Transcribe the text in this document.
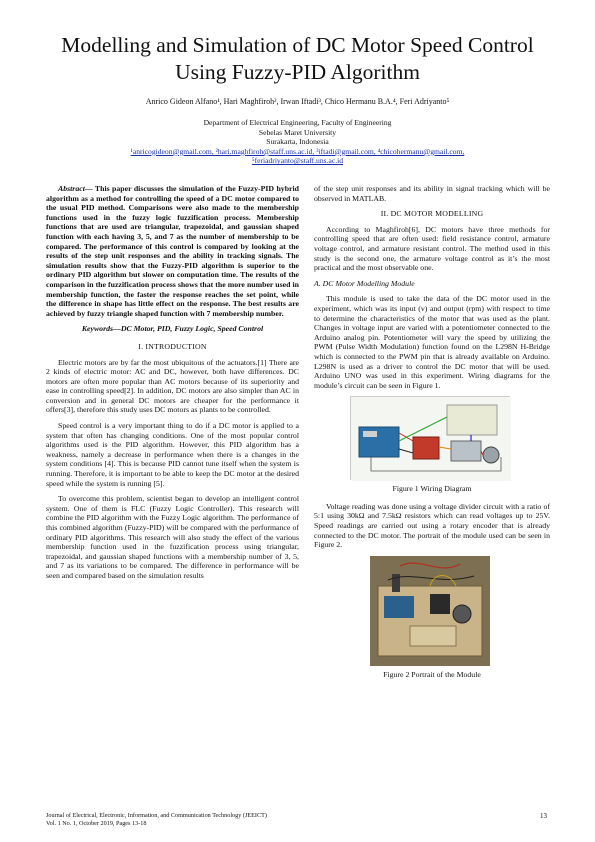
Modelling and Simulation of DC Motor Speed Control Using Fuzzy-PID Algorithm
Anrico Gideon Alfano¹, Hari Maghfiroh², Irwan Iftadi³, Chico Hermanu B.A.⁴, Feri Adriyanto⁵
Department of Electrical Engineering, Faculty of Engineering
Sebelas Maret University
Surakarta, Indonesia
¹anricogideon@gmail.com, ²hari.maghfiroh@staff.uns.ac.id, ³iftadi@gmail.com, ⁴chicohermanu@gmail.com,
⁵feriadriyanto@staff.uns.ac.id

Abstract— This paper discusses the simulation of the Fuzzy-PID hybrid algorithm as a method for controlling the speed of a DC motor compared to the usual PID method. Comparisons were also made to the membership functions used in the fuzzy logic fuzzification process. Membership functions that are used are triangular, trapezoidal, and gaussian shaped function with each having 3, 5, and 7 as the number of membership to be compared. The performance of this control is compared by looking at the results of the step unit responses and the ability in tracking signals. The simulation results show that the Fuzzy-PID algorithm is superior to the ordinary PID algorithm but slower on computation time. The results of the comparison in the fuzzification process shows that the more number used in membership function, the faster the response reaches the set point, while the difference in shape has little effect on the response. The best results are achieved by fuzzy triangle shaped function with 7 membership number.

Keywords—DC Motor, PID, Fuzzy Logic, Speed Control
I. INTRODUCTION

Electric motors are by far the most ubiquitous of the actuators.[1] There are 2 kinds of electric motor: AC and DC, however, both have differences. DC motors are often more popular than AC motors because of its superiority and ease in controlling speed[2]. In addition, DC motors are also simpler than AC in conversion and in general DC motors are cheaper for the performance it offers[3], therefore this study uses DC motors as plants to be controlled.

Speed control is a very important thing to do if a DC motor is applied to a system that often has changing conditions. One of the most popular control algorithms used is the PID algorithm. However, this PID algorithm has a weakness, namely a decrease in performance when there is a changes in the system conditions [4]. This is because PID cannot tune itself when the system is running. Therefore, it is important to be able to keep the DC motor at the desired speed while the system is running [5].

To overcome this problem, scientist began to develop an intelligent control system. One of them is FLC (Fuzzy Logic Controller). This research will combine the PID algorithm with the Fuzzy Logic algorithm. The performance of this combined algorithm (Fuzzy-PID) will be compared with the performance of ordinary PID algorithms. This research will also study the effect of the various membership function used in the fuzzification process using triangular, trapezoidal, and gaussian shaped functions with a membership number of 3, 5, and 7 as its variations to be compared. The difference in performance will be seen and compared based on the simulation results

of the step unit responses and its ability in signal tracking which will be observed in MATLAB.

II. DC MOTOR MODELLING

According to Maghfiroh[6], DC motors have three methods for controlling speed that are often used: field resistance control, armature voltage control, and armature resistant control. The method used in this study is the second one, the armature voltage control as it’s the most practical and the most observable one.

A. DC Motor Modelling Module

This module is used to take the data of the DC motor used in the experiment, which was its input (v) and output (rpm) with respect to time to determine the characteristics of the motor that was used as the plant. Changes in voltage input are varied with a potentiometer connected to the Arduino analog pin. Potentiometer will vary the speed by utilizing the PWM (Pulse Width Modulation) function found on the L298N H-Bridge which is connected to the PWM pin that is already available on Arduino. L298N is used as a driver to control the DC motor that will be used. Arduino UNO was used in this experiment. Wiring diagrams for the module’s circuit can be seen in Figure 1.

Figure 1 Wiring Diagram

Voltage reading was done using a voltage divider circuit with a ratio of 5:1 using 30kΩ and 7.5kΩ resistors which can read voltages up to 25V. Speed readings are carried out using a rotary encoder that is already connected to the DC motor. The portrait of the module used can be seen in Figure 2.

Figure 2 Portrait of the Module
Journal of Electrical, Electronic, Information, and Communication Technology (JEEICT)
Vol. 1 No. 1, October 2019, Pages 13-18
13
